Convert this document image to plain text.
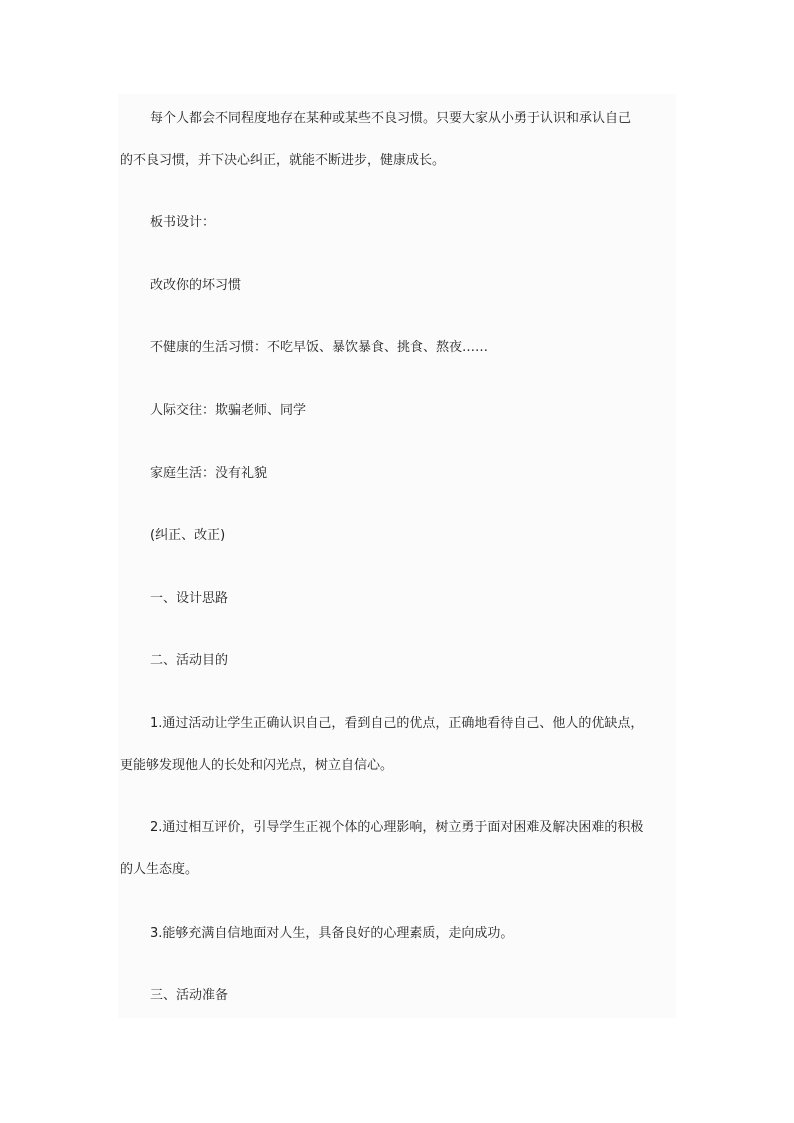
每个人都会不同程度地存在某种或某些不良习惯。只要大家从小勇于认识和承认自己

的不良习惯，并下决心纠正，就能不断进步，健康成长。

板书设计：

改改你的坏习惯

不健康的生活习惯：不吃早饭、暴饮暴食、挑食、熬夜……

人际交往：欺骗老师、同学

家庭生活：没有礼貌

(纠正、改正)

一、设计思路

二、活动目的

1.通过活动让学生正确认识自己，看到自己的优点，正确地看待自己、他人的优缺点，

更能够发现他人的长处和闪光点，树立自信心。

2.通过相互评价，引导学生正视个体的心理影响，树立勇于面对困难及解决困难的积极

的人生态度。

3.能够充满自信地面对人生，具备良好的心理素质，走向成功。

三、活动准备
